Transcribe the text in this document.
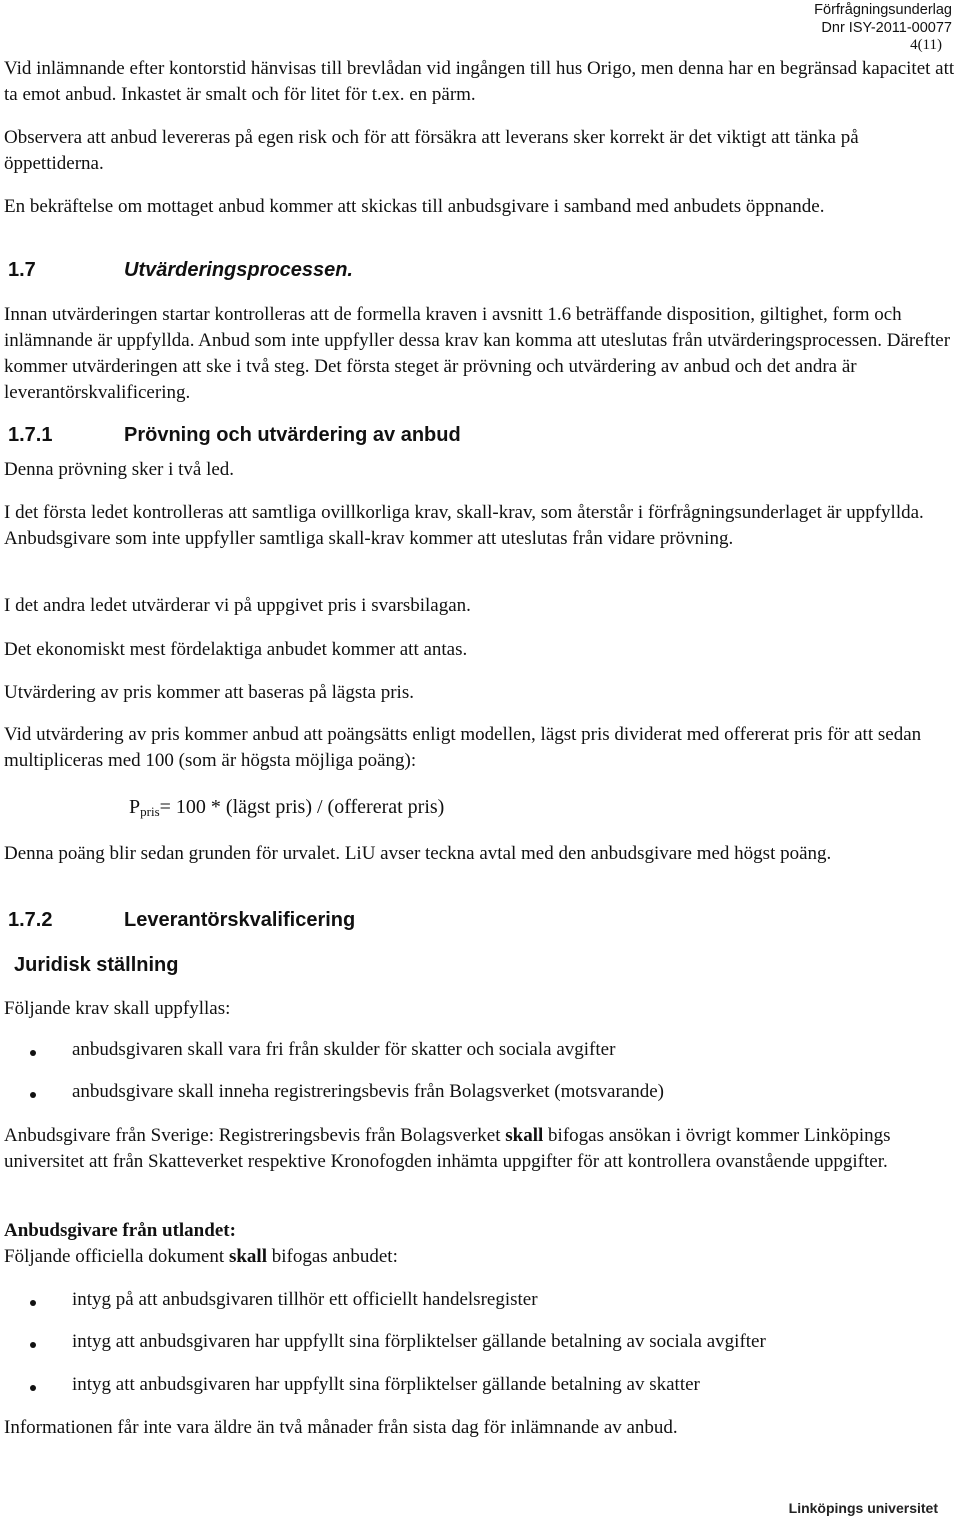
Förfrågningsunderlag
Dnr ISY-2011-00077
4(11)

Vid inlämnande efter kontorstid hänvisas till brevlådan vid ingången till hus Origo, men denna har en begränsad kapacitet att ta emot anbud. Inkastet är smalt och för litet för t.ex. en pärm.

Observera att anbud levereras på egen risk och för att försäkra att leverans sker korrekt är det viktigt att tänka på öppettiderna.

En bekräftelse om mottaget anbud kommer att skickas till anbudsgivare i samband med anbudets öppnande.

1.7	Utvärderingsprocessen.

Innan utvärderingen startar kontrolleras att de formella kraven i avsnitt 1.6 beträffande disposition, giltighet, form och inlämnande är uppfyllda. Anbud som inte uppfyller dessa krav kan komma att uteslutas från utvärderingsprocessen. Därefter kommer utvärderingen att ske i två steg. Det första steget är prövning och utvärdering av anbud och det andra är leverantörskvalificering.

1.7.1	Prövning och utvärdering av anbud

Denna prövning sker i två led.

I det första ledet kontrolleras att samtliga ovillkorliga krav, skall-krav, som återstår i förfrågningsunderlaget är uppfyllda. Anbudsgivare som inte uppfyller samtliga skall-krav kommer att uteslutas från vidare prövning.

I det andra ledet utvärderar vi på uppgivet pris i svarsbilagan.

Det ekonomiskt mest fördelaktiga anbudet kommer att antas.

Utvärdering av pris kommer att baseras på lägsta pris.

Vid utvärdering av pris kommer anbud att poängsätts enligt modellen, lägst pris dividerat med offererat pris för att sedan multipliceras med 100 (som är högsta möjliga poäng):

$P_{pris}= 100$ * (lägst pris) / (offererat pris)

Denna poäng blir sedan grunden för urvalet. LiU avser teckna avtal med den anbudsgivare med högst poäng.

1.7.2	Leverantörskvalificering
Juridisk ställning

Följande krav skall uppfyllas:

anbudsgivaren skall vara fri från skulder för skatter och sociala avgifter
anbudsgivare skall inneha registreringsbevis från Bolagsverket (motsvarande)

Anbudsgivare från Sverige: Registreringsbevis från Bolagsverket skall bifogas ansökan i övrigt kommer Linköpings universitet att från Skatteverket respektive Kronofogden inhämta uppgifter för att kontrollera ovanstående uppgifter.

Anbudsgivare från utlandet:
Följande officiella dokument skall bifogas anbudet:

intyg på att anbudsgivaren tillhör ett officiellt handelsregister
intyg att anbudsgivaren har uppfyllt sina förpliktelser gällande betalning av sociala avgifter
intyg att anbudsgivaren har uppfyllt sina förpliktelser gällande betalning av skatter

Informationen får inte vara äldre än två månader från sista dag för inlämnande av anbud.

Linköpings universitet
